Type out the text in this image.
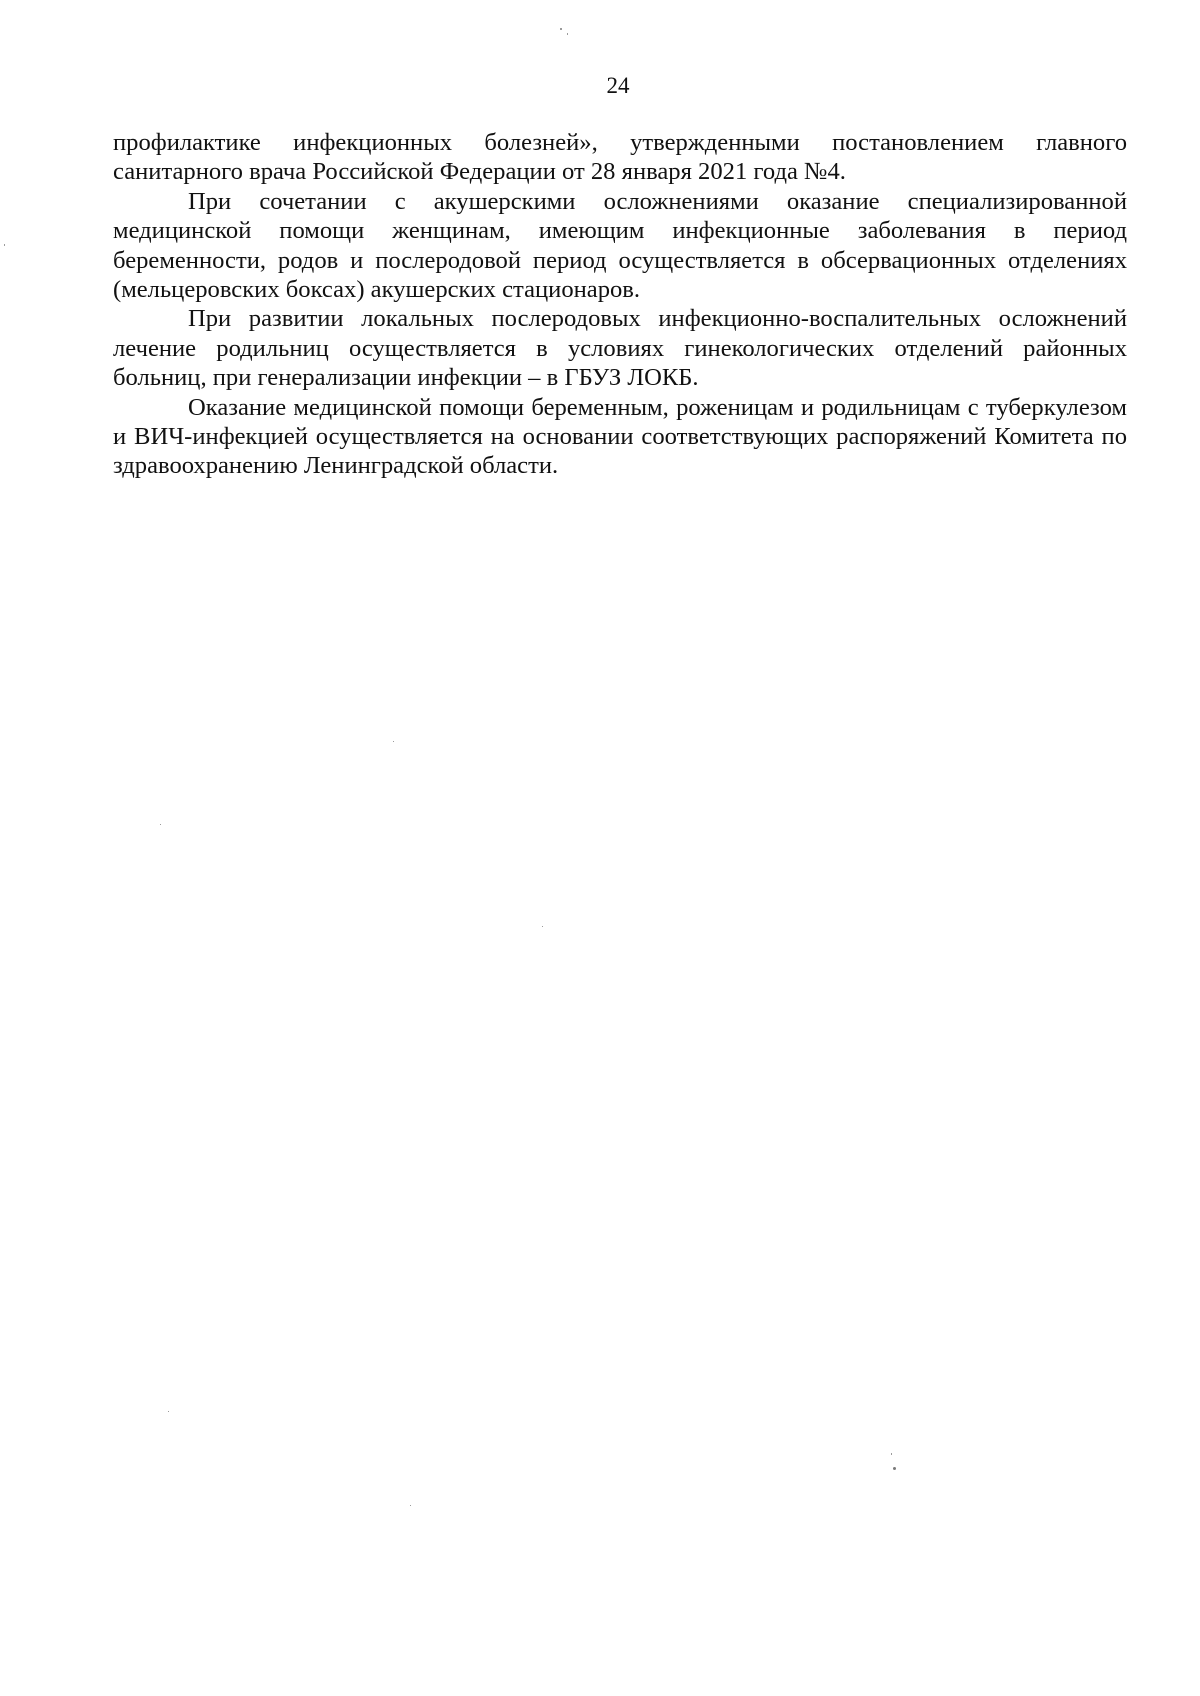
24

профилактике инфекционных болезней», утвержденными постановлением главного санитарного врача Российской Федерации от 28 января 2021 года №4.

При сочетании с акушерскими осложнениями оказание специализированной медицинской помощи женщинам, имеющим инфекционные заболевания в период беременности, родов и послеродовой период осуществляется в обсервационных отделениях (мельцеровских боксах) акушерских стационаров.

При развитии локальных послеродовых инфекционно-воспалительных осложнений лечение родильниц осуществляется в условиях гинекологических отделений районных больниц, при генерализации инфекции – в ГБУЗ ЛОКБ.

Оказание медицинской помощи беременным, роженицам и родильницам с туберкулезом и ВИЧ-инфекцией осуществляется на основании соответствующих распоряжений Комитета по здравоохранению Ленинградской области.
